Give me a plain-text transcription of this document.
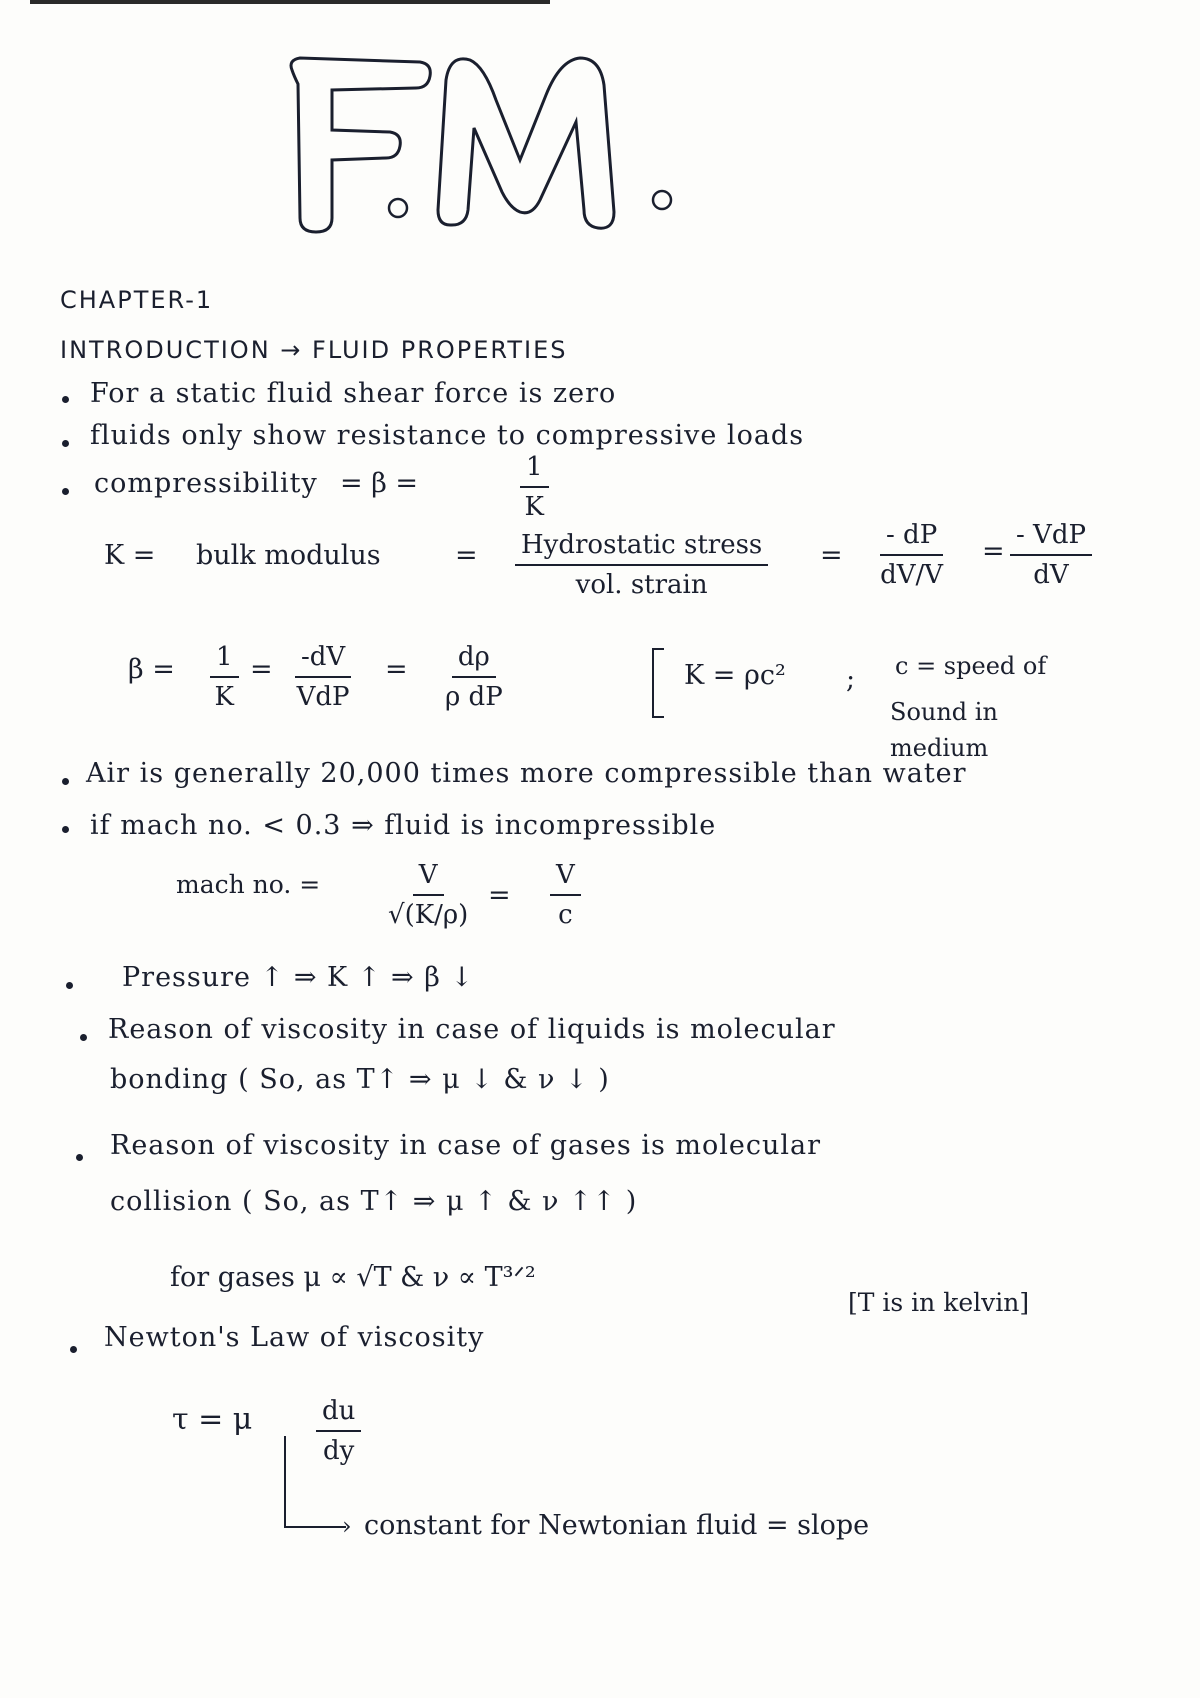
F.M.
CHAPTER-1
INTRODUCTION → FLUID PROPERTIES
For a static fluid shear force is zero
fluids only show resistance to compressive loads
compressibility = β =	$\frac{1}{K}$
K = bulk modulus	= Hydrostatic stress
vol. strain
= $\frac{- dP}{dV/V}$ =
- VdP
dV
$\beta = \frac{1}{K} = -dV$
VdP
= $\frac{d\rho}{\text{ρ dP}}$	K = ρc² ; c = speed of
Sound in
medium
Air is generally 20,000 times more compressible than water
if mach no. < 0.3 ⇒ fluid is incompressible
mach no. =	$\frac{V}{√(K/\rho)} = \frac{V}{c}$
Pressure ↑ ⇒ K ↑ ⇒ β ↓
Reason of viscosity in case of liquids is molecular
bonding ( So, as T↑ ⇒ μ ↓ & ν ↓ )
Reason of viscosity in case of gases is molecular
collision ( So, as T↑ ⇒ μ ↑ & ν ↑↑ )
for gases μ ∝ √T & ν ∝ T³ᐟ²
[T is in kelvin]
Newton's Law of viscosity
τ = μ $\frac{du}{dy}$
› constant for Newtonian fluid = slope
